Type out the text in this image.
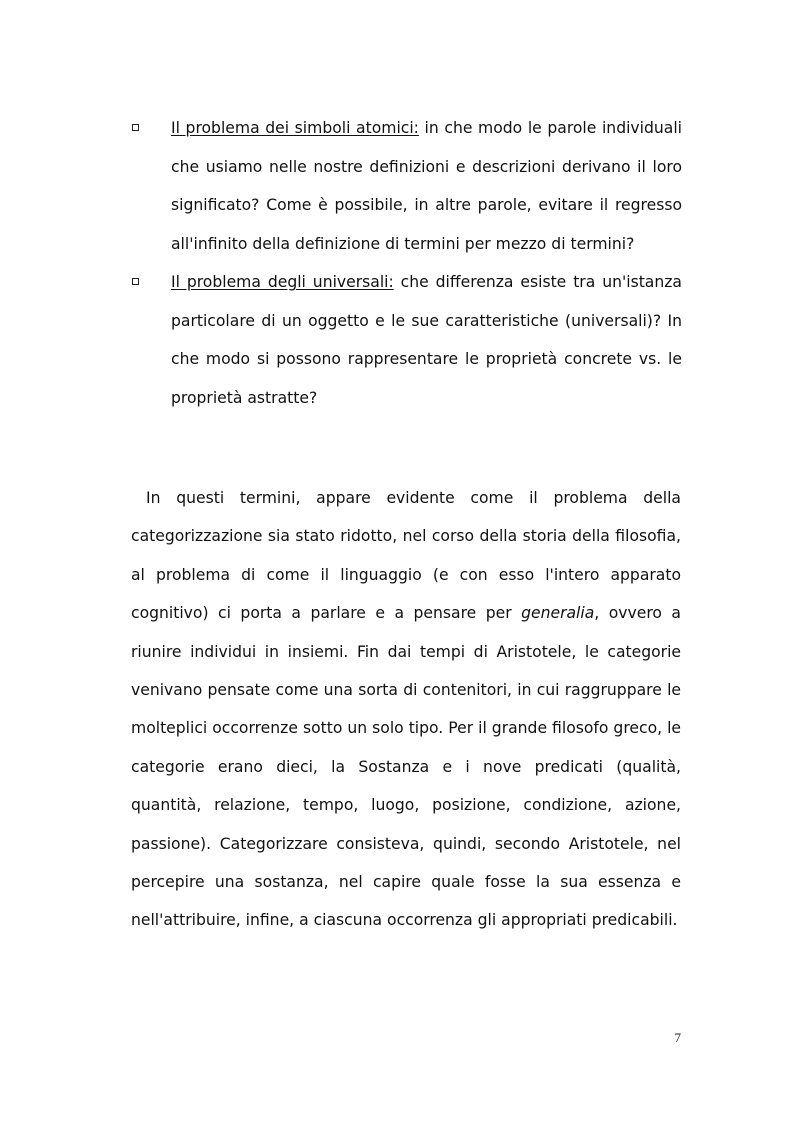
Il problema dei simboli atomici: in che modo le parole individuali che usiamo nelle nostre definizioni e descrizioni derivano il loro significato? Come è possibile, in altre parole, evitare il regresso all'infinito della definizione di termini per mezzo di termini?
Il problema degli universali: che differenza esiste tra un'istanza particolare di un oggetto e le sue caratteristiche (universali)? In che modo si possono rappresentare le proprietà concrete vs. le proprietà astratte?

In questi termini, appare evidente come il problema della categorizzazione sia stato ridotto, nel corso della storia della filosofia, al problema di come il linguaggio (e con esso l'intero apparato cognitivo) ci porta a parlare e a pensare per generalia, ovvero a riunire individui in insiemi. Fin dai tempi di Aristotele, le categorie venivano pensate come una sorta di contenitori, in cui raggruppare le molteplici occorrenze sotto un solo tipo. Per il grande filosofo greco, le categorie erano dieci, la Sostanza e i nove predicati (qualità, quantità, relazione, tempo, luogo, posizione, condizione, azione, passione). Categorizzare consisteva, quindi, secondo Aristotele, nel percepire una sostanza, nel capire quale fosse la sua essenza e nell'attribuire, infine, a ciascuna occorrenza gli appropriati predicabili.

7
